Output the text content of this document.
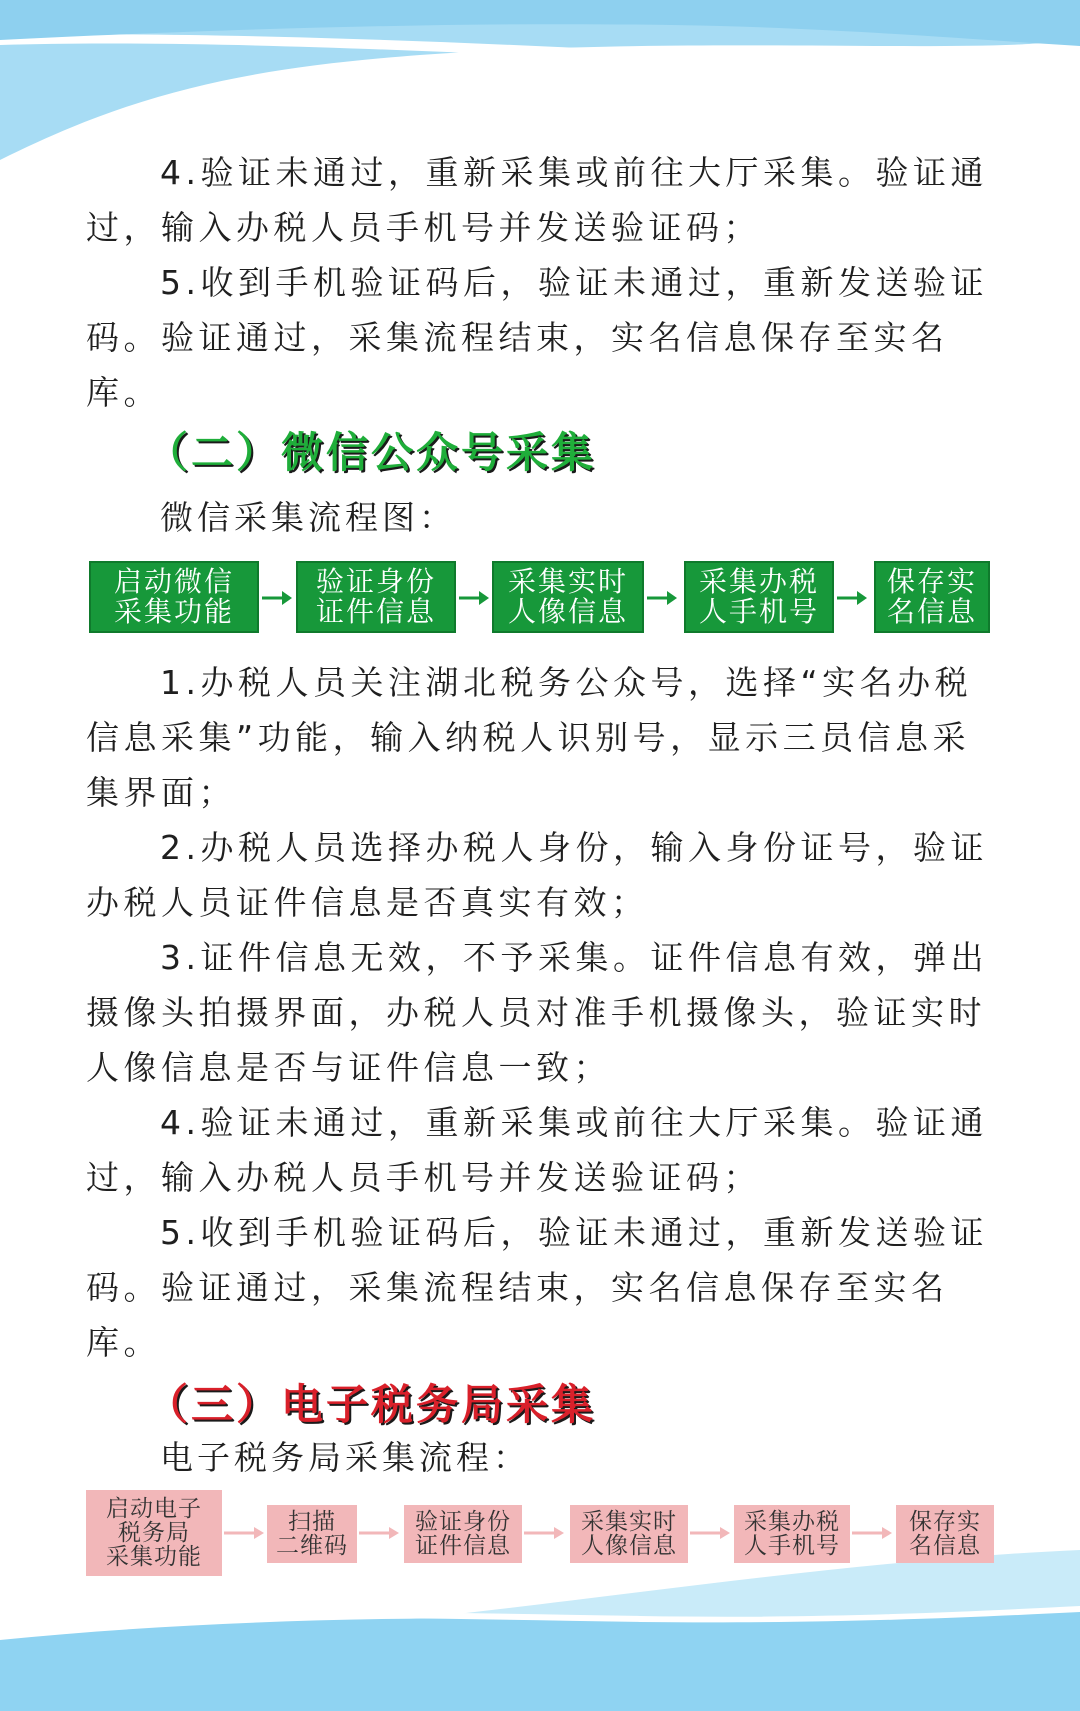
4.验证未通过，重新采集或前往大厅采集。验证通过，输入办税人员手机号并发送验证码；

5.收到手机验证码后，验证未通过，重新发送验证码。验证通过，采集流程结束，实名信息保存至实名库。

（二）微信公众号采集

微信采集流程图：

启动微信
采集功能
验证身份
证件信息
采集实时
人像信息
采集办税
人手机号
保存实
名信息

1.办税人员关注湖北税务公众号，选择“实名办税信息采集”功能，输入纳税人识别号，显示三员信息采集界面；

2.办税人员选择办税人身份，输入身份证号，验证办税人员证件信息是否真实有效；

3.证件信息无效，不予采集。证件信息有效，弹出摄像头拍摄界面，办税人员对准手机摄像头，验证实时人像信息是否与证件信息一致；

4.验证未通过，重新采集或前往大厅采集。验证通过，输入办税人员手机号并发送验证码；

5.收到手机验证码后，验证未通过，重新发送验证码。验证通过，采集流程结束，实名信息保存至实名库。

（三）电子税务局采集

电子税务局采集流程：

启动电子
税务局
采集功能
扫描
二维码
验证身份
证件信息
采集实时
人像信息
采集办税
人手机号
保存实
名信息
